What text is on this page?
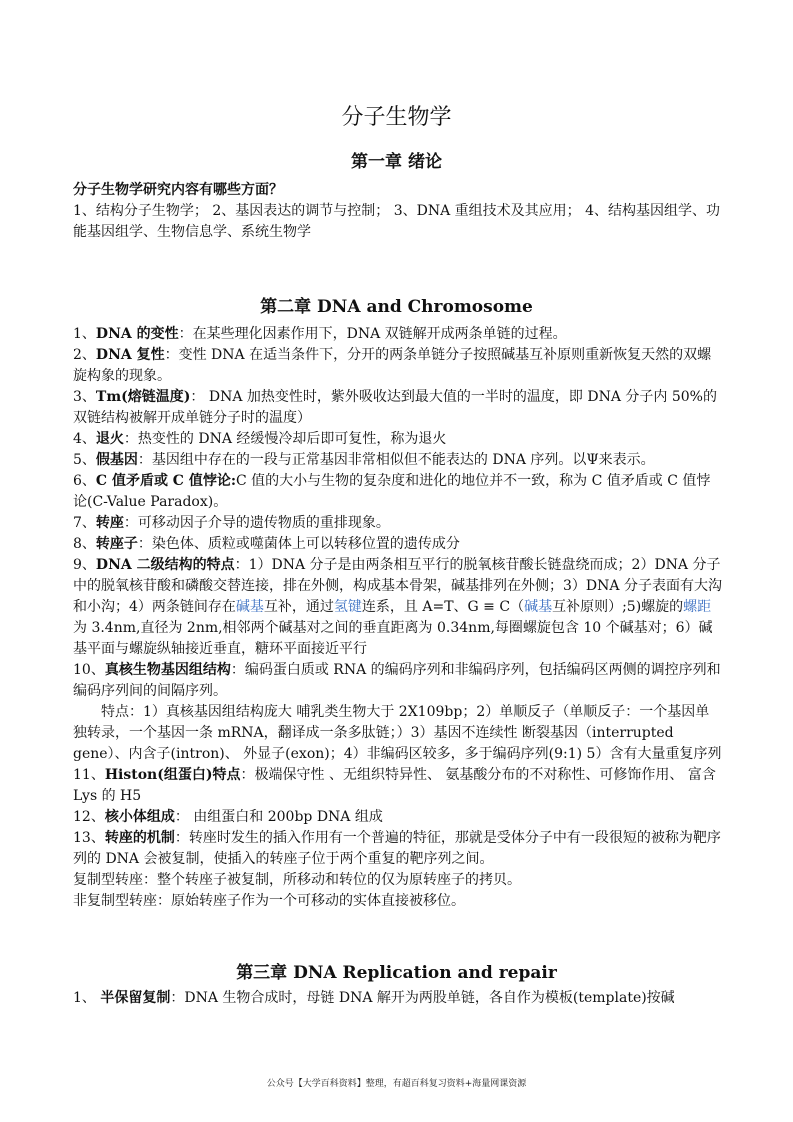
分子生物学
第一章 绪论
分子生物学研究内容有哪些方面？
1、结构分子生物学； 2、基因表达的调节与控制； 3、DNA 重组技术及其应用； 4、结构基因组学、功能基因组学、生物信息学、系统生物学
第二章 DNA and Chromosome

1、DNA 的变性：在某些理化因素作用下，DNA 双链解开成两条单链的过程。

2、DNA 复性：变性 DNA 在适当条件下，分开的两条单链分子按照碱基互补原则重新恢复天然的双螺旋构象的现象。

3、Tm(熔链温度)： DNA 加热变性时，紫外吸收达到最大值的一半时的温度，即 DNA 分子内 50%的双链结构被解开成单链分子时的温度）

4、退火：热变性的 DNA 经缓慢冷却后即可复性，称为退火

5、假基因：基因组中存在的一段与正常基因非常相似但不能表达的 DNA 序列。以Ψ来表示。

6、C 值矛盾或 C 值悖论:C 值的大小与生物的复杂度和进化的地位并不一致，称为 C 值矛盾或 C 值悖论(C-Value Paradox)。

7、转座：可移动因子介导的遗传物质的重排现象。

8、转座子：染色体、质粒或噬菌体上可以转移位置的遗传成分

9、DNA 二级结构的特点：1）DNA 分子是由两条相互平行的脱氧核苷酸长链盘绕而成；2）DNA 分子中的脱氧核苷酸和磷酸交替连接，排在外侧，构成基本骨架，碱基排列在外侧；3）DNA 分子表面有大沟和小沟；4）两条链间存在碱基互补，通过氢键连系，且 A=T、G ≡ C（碱基互补原则）;5)螺旋的螺距为 3.4nm,直径为 2nm,相邻两个碱基对之间的垂直距离为 0.34nm,每圈螺旋包含 10 个碱基对；6）碱基平面与螺旋纵轴接近垂直，糖环平面接近平行

10、真核生物基因组结构：编码蛋白质或 RNA 的编码序列和非编码序列，包括编码区两侧的调控序列和编码序列间的间隔序列。

特点：1）真核基因组结构庞大 哺乳类生物大于 2X109bp；2）单顺反子（单顺反子：一个基因单独转录，一个基因一条 mRNA，翻译成一条多肽链；）3）基因不连续性 断裂基因（interrupted gene）、内含子(intron)、 外显子(exon)；4）非编码区较多，多于编码序列(9:1) 5）含有大量重复序列

11、Histon(组蛋白)特点：极端保守性 、无组织特异性、 氨基酸分布的不对称性、可修饰作用、 富含 Lys 的 H5

12、核小体组成： 由组蛋白和 200bp DNA 组成

13、转座的机制：转座时发生的插入作用有一个普遍的特征，那就是受体分子中有一段很短的被称为靶序列的 DNA 会被复制，使插入的转座子位于两个重复的靶序列之间。

复制型转座：整个转座子被复制，所移动和转位的仅为原转座子的拷贝。

非复制型转座：原始转座子作为一个可移动的实体直接被移位。

第三章 DNA Replication and repair

1、 半保留复制：DNA 生物合成时，母链 DNA 解开为两股单链，各自作为模板(template)按碱

公众号【大学百科资料】整理，有超百科复习资料+海量网课资源
